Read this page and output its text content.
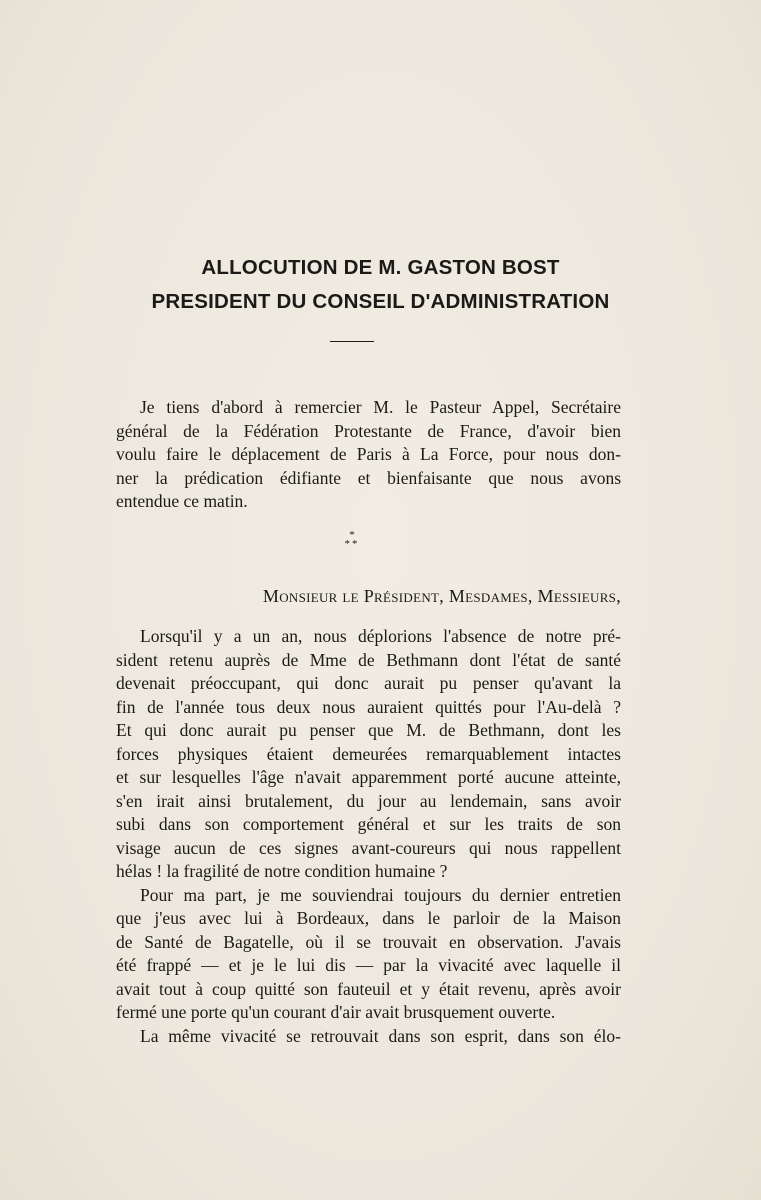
ALLOCUTION DE M. GASTON BOST
PRESIDENT DU CONSEIL D'ADMINISTRATION
Je tiens d'abord à remercier M. le Pasteur Appel, Secrétaire
général de la Fédération Protestante de France, d'avoir bien
voulu faire le déplacement de Paris à La Force, pour nous don-
ner la prédication édifiante et bienfaisante que nous avons
entendue ce matin.
*
**
Monsieur le Président, Mesdames, Messieurs,
Lorsqu'il y a un an, nous déplorions l'absence de notre pré-
sident retenu auprès de Mme de Bethmann dont l'état de santé
devenait préoccupant, qui donc aurait pu penser qu'avant la
fin de l'année tous deux nous auraient quittés pour l'Au-delà ?
Et qui donc aurait pu penser que M. de Bethmann, dont les
forces physiques étaient demeurées remarquablement intactes
et sur lesquelles l'âge n'avait apparemment porté aucune atteinte,
s'en irait ainsi brutalement, du jour au lendemain, sans avoir
subi dans son comportement général et sur les traits de son
visage aucun de ces signes avant-coureurs qui nous rappellent
hélas ! la fragilité de notre condition humaine ?
Pour ma part, je me souviendrai toujours du dernier entretien
que j'eus avec lui à Bordeaux, dans le parloir de la Maison
de Santé de Bagatelle, où il se trouvait en observation. J'avais
été frappé — et je le lui dis — par la vivacité avec laquelle il
avait tout à coup quitté son fauteuil et y était revenu, après avoir
fermé une porte qu'un courant d'air avait brusquement ouverte.
La même vivacité se retrouvait dans son esprit, dans son élo-
